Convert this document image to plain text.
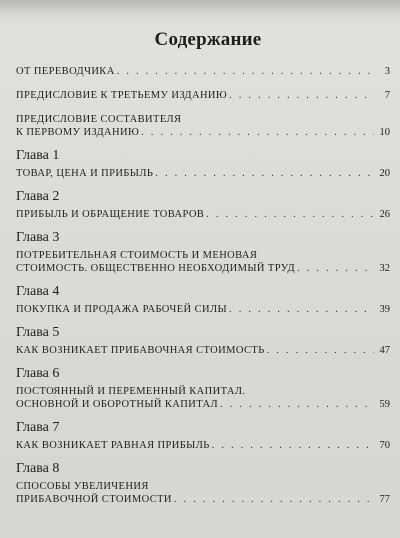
Содержание
ОТ ПЕРЕВОДЧИКА . . .	3
ПРЕДИСЛОВИЕ К ТРЕТЬЕМУ ИЗДАНИЮ . . .	7
ПРЕДИСЛОВИЕ СОСТАВИТЕЛЯ
К ПЕРВОМУ ИЗДАНИЮ . . .	10
Глава 1
ТОВАР, ЦЕНА И ПРИБЫЛЬ . . .	20
Глава 2
ПРИБЫЛЬ И ОБРАЩЕНИЕ ТОВАРОВ . . .	26
Глава 3
ПОТРЕБИТЕЛЬНАЯ СТОИМОСТЬ И МЕНОВАЯ
СТОИМОСТЬ. ОБЩЕСТВЕННО НЕОБХОДИМЫЙ ТРУД . . .	32
Глава 4
ПОКУПКА И ПРОДАЖА РАБОЧЕЙ СИЛЫ . . .	39
Глава 5
КАК ВОЗНИКАЕТ ПРИБАВОЧНАЯ СТОИМОСТЬ . . .	47
Глава 6
ПОСТОЯННЫЙ И ПЕРЕМЕННЫЙ КАПИТАЛ.
ОСНОВНОЙ И ОБОРОТНЫЙ КАПИТАЛ . . .	59
Глава 7
КАК ВОЗНИКАЕТ РАВНАЯ ПРИБЫЛЬ . . .	70
Глава 8
СПОСОБЫ УВЕЛИЧЕНИЯ
ПРИБАВОЧНОЙ СТОИМОСТИ . . .	77
